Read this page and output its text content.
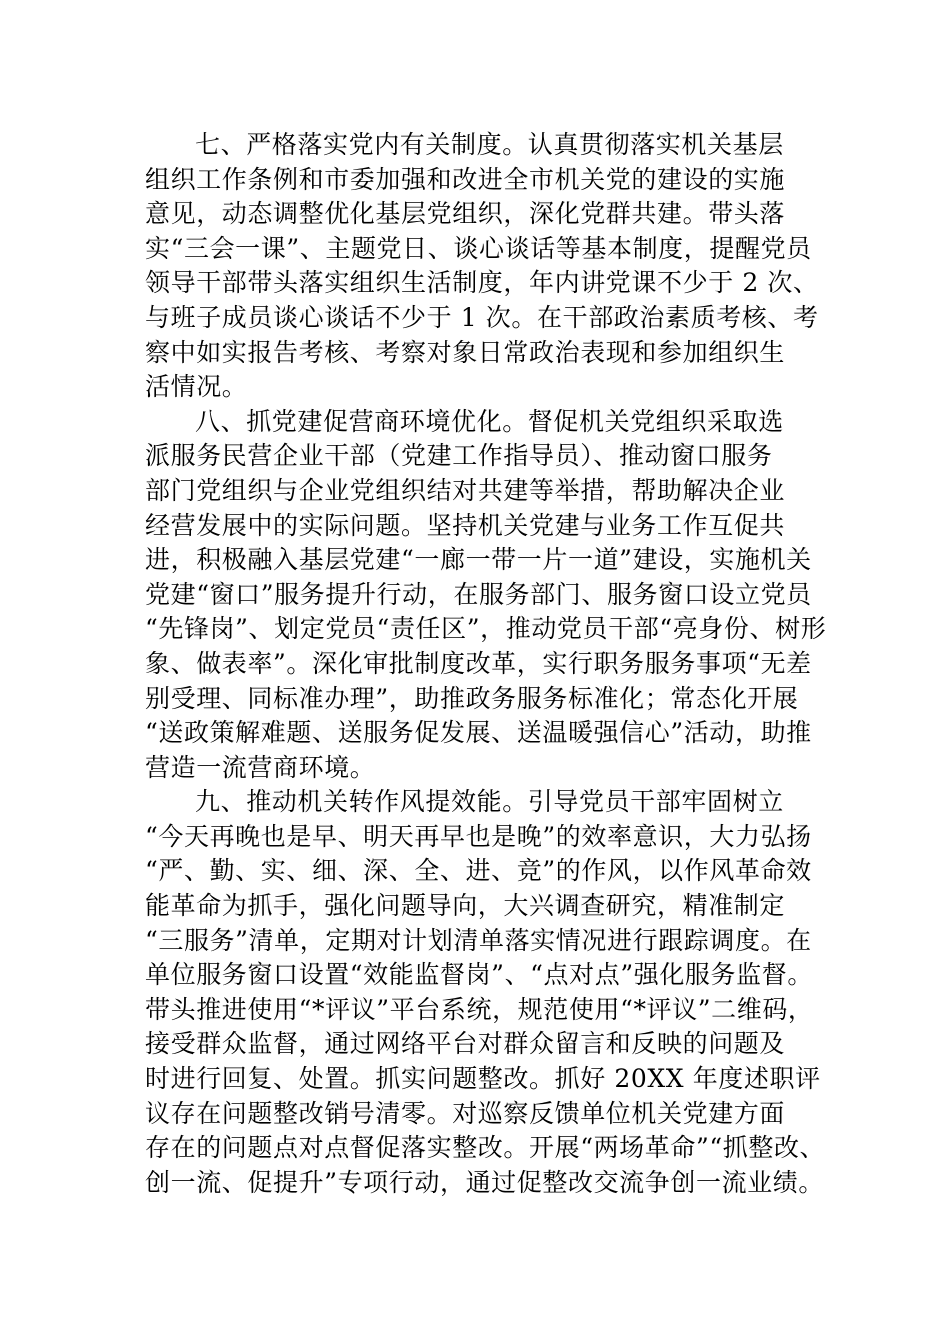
七、严格落实党内有关制度。认真贯彻落实机关基层
组织工作条例和市委加强和改进全市机关党的建设的实施
意见，动态调整优化基层党组织，深化党群共建。带头落
实“三会一课”、主题党日、谈心谈话等基本制度，提醒党员
领导干部带头落实组织生活制度，年内讲党课不少于 2 次、
与班子成员谈心谈话不少于 1 次。在干部政治素质考核、考
察中如实报告考核、考察对象日常政治表现和参加组织生
活情况。
八、抓党建促营商环境优化。督促机关党组织采取选
派服务民营企业干部（党建工作指导员）、推动窗口服务
部门党组织与企业党组织结对共建等举措，帮助解决企业
经营发展中的实际问题。坚持机关党建与业务工作互促共
进，积极融入基层党建“一廊一带一片一道”建设，实施机关
党建“窗口”服务提升行动，在服务部门、服务窗口设立党员
“先锋岗”、划定党员“责任区”，推动党员干部“亮身份、树形
象、做表率”。深化审批制度改革，实行职务服务事项“无差
别受理、同标准办理”，助推政务服务标准化；常态化开展
“送政策解难题、送服务促发展、送温暖强信心”活动，助推
营造一流营商环境。
九、推动机关转作风提效能。引导党员干部牢固树立
“今天再晚也是早、明天再早也是晚”的效率意识，大力弘扬
“严、勤、实、细、深、全、进、竞”的作风，以作风革命效
能革命为抓手，强化问题导向，大兴调查研究，精准制定
“三服务”清单，定期对计划清单落实情况进行跟踪调度。在
单位服务窗口设置“效能监督岗”、“点对点”强化服务监督。
带头推进使用“*评议”平台系统，规范使用“*评议”二维码，
接受群众监督，通过网络平台对群众留言和反映的问题及
时进行回复、处置。抓实问题整改。抓好 20XX 年度述职评
议存在问题整改销号清零。对巡察反馈单位机关党建方面
存在的问题点对点督促落实整改。开展“两场革命”“抓整改、
创一流、促提升”专项行动，通过促整改交流争创一流业绩。
